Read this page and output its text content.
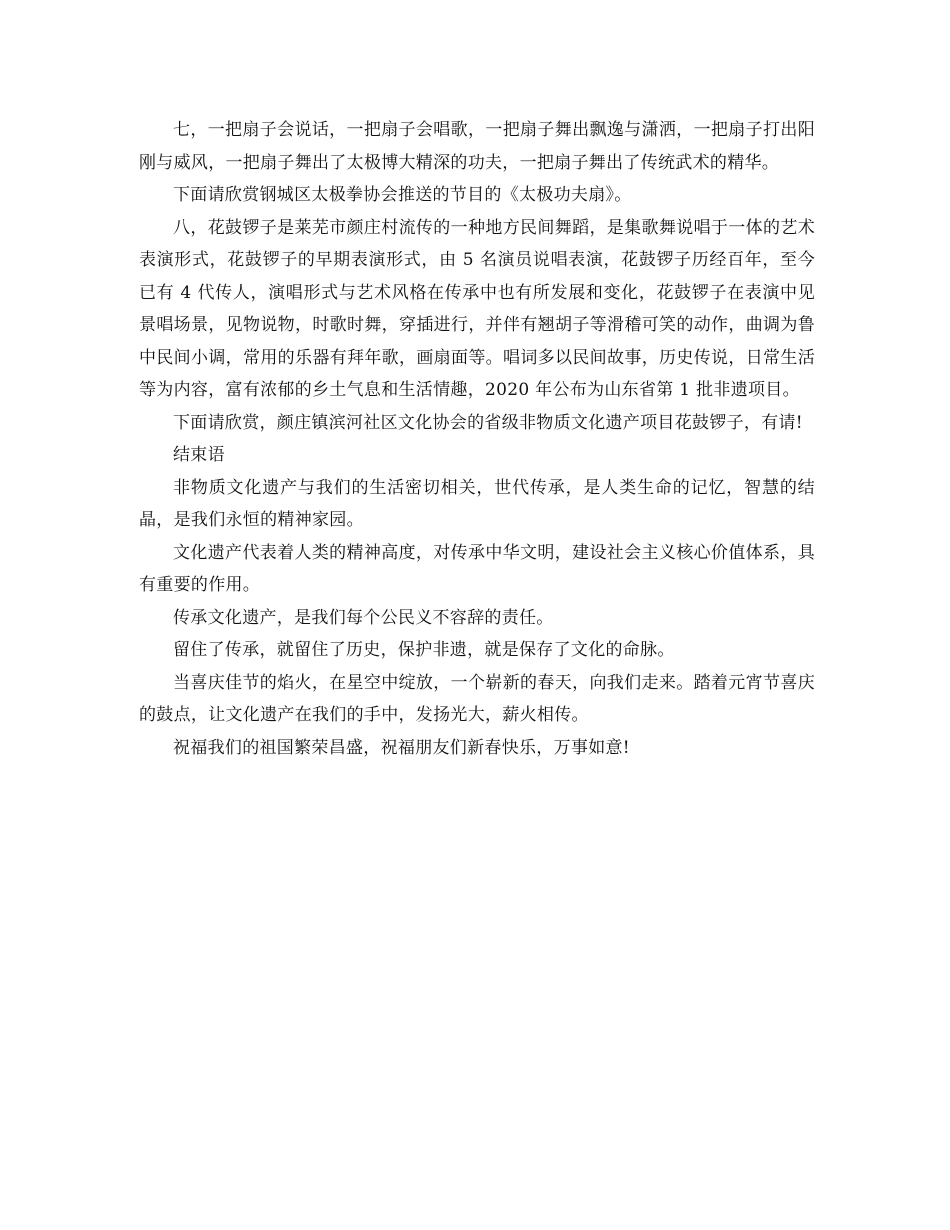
七，一把扇子会说话，一把扇子会唱歌，一把扇子舞出飘逸与潇洒，一把扇子打出阳刚与威风，一把扇子舞出了太极博大精深的功夫，一把扇子舞出了传统武术的精华。

下面请欣赏钢城区太极拳协会推送的节目的《太极功夫扇》。

八，花鼓锣子是莱芜市颜庄村流传的一种地方民间舞蹈，是集歌舞说唱于一体的艺术表演形式，花鼓锣子的早期表演形式，由 5 名演员说唱表演，花鼓锣子历经百年，至今已有 4 代传人，演唱形式与艺术风格在传承中也有所发展和变化，花鼓锣子在表演中见景唱场景，见物说物，时歌时舞，穿插进行，并伴有翘胡子等滑稽可笑的动作，曲调为鲁中民间小调，常用的乐器有拜年歌，画扇面等。唱词多以民间故事，历史传说，日常生活等为内容，富有浓郁的乡土气息和生活情趣，2020 年公布为山东省第 1 批非遗项目。

下面请欣赏，颜庄镇滨河社区文化协会的省级非物质文化遗产项目花鼓锣子，有请!

结束语

非物质文化遗产与我们的生活密切相关，世代传承，是人类生命的记忆，智慧的结晶，是我们永恒的精神家园。

文化遗产代表着人类的精神高度，对传承中华文明，建设社会主义核心价值体系，具有重要的作用。

传承文化遗产，是我们每个公民义不容辞的责任。

留住了传承，就留住了历史，保护非遗，就是保存了文化的命脉。

当喜庆佳节的焰火，在星空中绽放，一个崭新的春天，向我们走来。踏着元宵节喜庆的鼓点，让文化遗产在我们的手中，发扬光大，薪火相传。

祝福我们的祖国繁荣昌盛，祝福朋友们新春快乐，万事如意!
